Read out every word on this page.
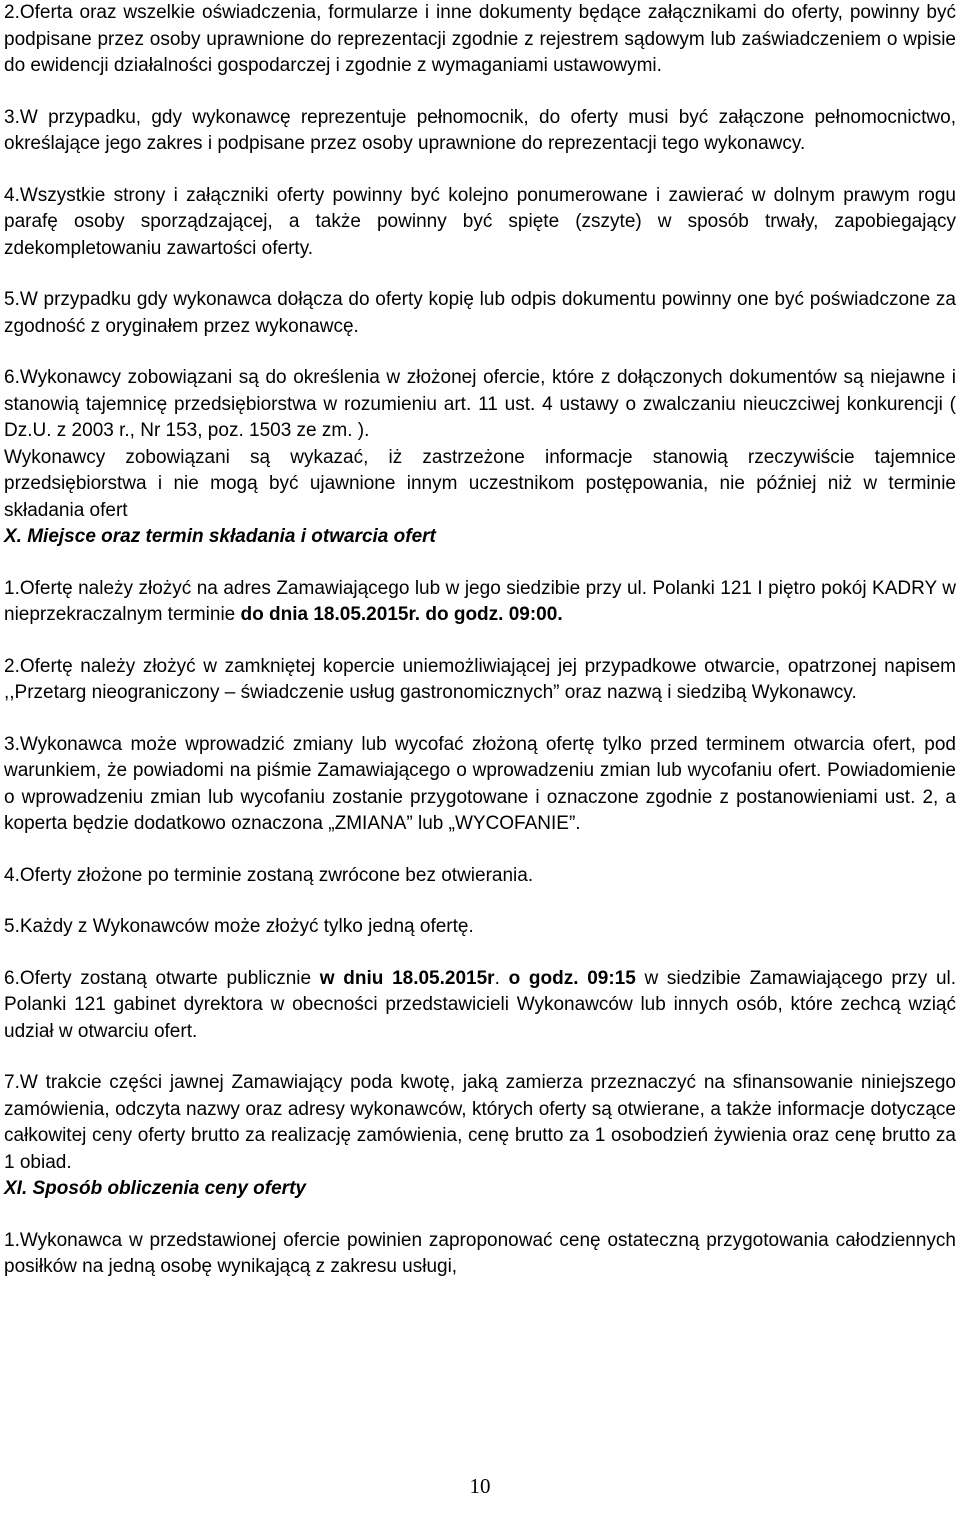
2.Oferta oraz wszelkie oświadczenia, formularze i inne dokumenty będące załącznikami do oferty, powinny być podpisane przez osoby uprawnione do reprezentacji zgodnie z rejestrem sądowym lub zaświadczeniem o wpisie do ewidencji działalności gospodarczej i zgodnie z wymaganiami ustawowymi.

3.W przypadku, gdy wykonawcę reprezentuje pełnomocnik, do oferty musi być załączone pełnomocnictwo, określające jego zakres i podpisane przez osoby uprawnione do reprezentacji tego wykonawcy.

4.Wszystkie strony i załączniki oferty powinny być kolejno ponumerowane i zawierać w dolnym prawym rogu parafę osoby sporządzającej, a także powinny być spięte (zszyte) w sposób trwały, zapobiegający zdekompletowaniu zawartości oferty.

5.W przypadku gdy wykonawca dołącza do oferty kopię lub odpis dokumentu powinny one być poświadczone za zgodność z oryginałem przez wykonawcę.

6.Wykonawcy zobowiązani są do określenia w złożonej ofercie, które z dołączonych dokumentów są niejawne i stanowią tajemnicę przedsiębiorstwa w rozumieniu art. 11 ust. 4 ustawy o zwalczaniu nieuczciwej konkurencji ( Dz.U. z 2003 r., Nr 153, poz. 1503 ze zm. ).

Wykonawcy zobowiązani są wykazać, iż zastrzeżone informacje stanowią rzeczywiście tajemnice przedsiębiorstwa i nie mogą być ujawnione innym uczestnikom postępowania, nie później niż w terminie składania ofert

X. Miejsce oraz termin składania i otwarcia ofert

1.Ofertę należy złożyć na adres Zamawiającego lub w jego siedzibie przy ul. Polanki 121 I piętro pokój KADRY w nieprzekraczalnym terminie do dnia 18.05.2015r. do godz. 09:00.

2.Ofertę należy złożyć w zamkniętej kopercie uniemożliwiającej jej przypadkowe otwarcie, opatrzonej napisem ,,Przetarg nieograniczony – świadczenie usług gastronomicznych” oraz nazwą i siedzibą Wykonawcy.

3.Wykonawca może wprowadzić zmiany lub wycofać złożoną ofertę tylko przed terminem otwarcia ofert, pod warunkiem, że powiadomi na piśmie Zamawiającego o wprowadzeniu zmian lub wycofaniu ofert. Powiadomienie o wprowadzeniu zmian lub wycofaniu zostanie przygotowane i oznaczone zgodnie z postanowieniami ust. 2, a koperta będzie dodatkowo oznaczona „ZMIANA” lub „WYCOFANIE”.

4.Oferty złożone po terminie zostaną zwrócone bez otwierania.

5.Każdy z Wykonawców może złożyć tylko jedną ofertę.

6.Oferty zostaną otwarte publicznie w dniu 18.05.2015r. o godz. 09:15 w siedzibie Zamawiającego przy ul. Polanki 121 gabinet dyrektora w obecności przedstawicieli Wykonawców lub innych osób, które zechcą wziąć udział w otwarciu ofert.

7.W trakcie części jawnej Zamawiający poda kwotę, jaką zamierza przeznaczyć na sfinansowanie niniejszego zamówienia, odczyta nazwy oraz adresy wykonawców, których oferty są otwierane, a także informacje dotyczące całkowitej ceny oferty brutto za realizację zamówienia, cenę brutto za 1 osobodzień żywienia oraz cenę brutto za 1 obiad.

XI. Sposób obliczenia ceny oferty

1.Wykonawca w przedstawionej ofercie powinien zaproponować cenę ostateczną przygotowania całodziennych posiłków na jedną osobę wynikającą z zakresu usługi,

10
